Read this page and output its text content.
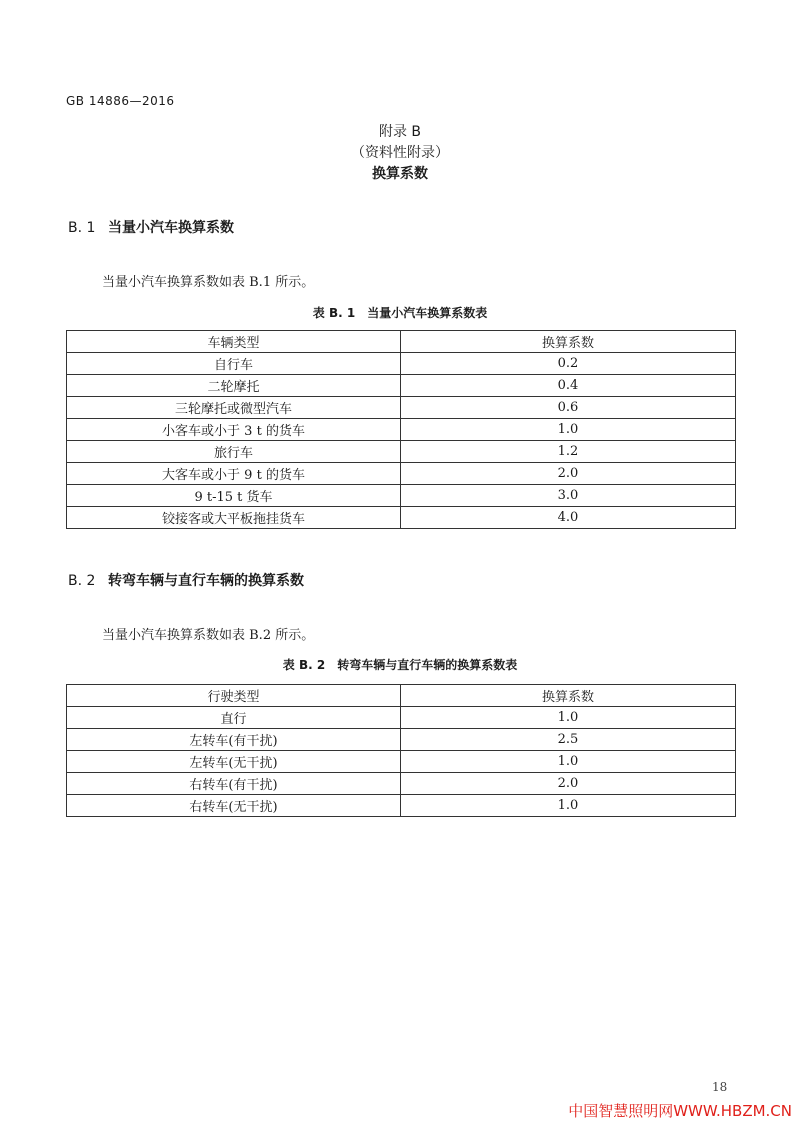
GB 14886—2016
附录 B
（资料性附录）
换算系数
B. 1 当量小汽车换算系数
当量小汽车换算系数如表 B.1 所示。
表 B. 1　当量小汽车换算系数表
车辆类型	换算系数
自行车	0.2
二轮摩托	0.4
三轮摩托或微型汽车	0.6
小客车或小于 3 t 的货车	1.0
旅行车	1.2
大客车或小于 9 t 的货车	2.0
9 t-15 t 货车	3.0
铰接客或大平板拖挂货车	4.0
B. 2 转弯车辆与直行车辆的换算系数
当量小汽车换算系数如表 B.2 所示。
表 B. 2　转弯车辆与直行车辆的换算系数表
行驶类型	换算系数
直行	1.0
左转车(有干扰)	2.5
左转车(无干扰)	1.0
右转车(有干扰)	2.0
右转车(无干扰)	1.0
18
中国智慧照明网WWW.HBZM.CN
